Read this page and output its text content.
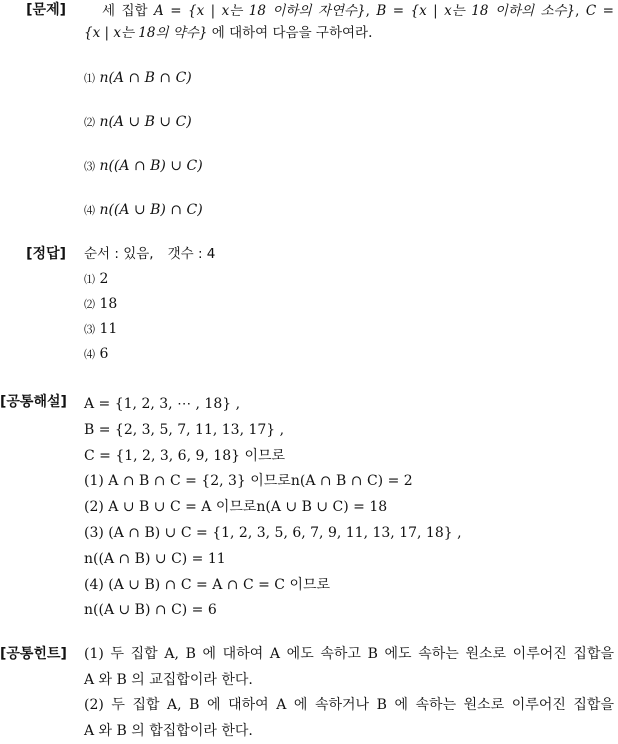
[문제]	세 집합 A = {x | x는 18 이하의 자연수}, B = {x | x는 18 이하의 소수}, C =
{x | x는 18의 약수} 에 대하여 다음을 구하여라.
⑴ n(A ∩ B ∩ C)
⑵ n(A ∪ B ∪ C)
⑶ n((A ∩ B) ∪ C)
⑷ n((A ∪ B) ∩ C)
[정답] 순서 : 있음, 갯수 : 4
⑴ 2
⑵ 18
⑶ 11
⑷ 6
[공통해설] A = {1, 2, 3, ⋯ , 18} ,
B = {2, 3, 5, 7, 11, 13, 17} ,
C = {1, 2, 3, 6, 9, 18} 이므로
(1) A ∩ B ∩ C = {2, 3} 이므로n(A ∩ B ∩ C) = 2
(2) A ∪ B ∪ C = A 이므로n(A ∪ B ∪ C) = 18
(3) (A ∩ B) ∪ C = {1, 2, 3, 5, 6, 7, 9, 11, 13, 17, 18} ,
n((A ∩ B) ∪ C) = 11
(4) (A ∪ B) ∩ C = A ∩ C = C 이므로
n((A ∪ B) ∩ C) = 6
[공통힌트] (1) 두 집합 A, B 에 대하여 A 에도 속하고 B 에도 속하는 원소로 이루어진 집합을
A 와 B 의 교집합이라 한다.
(2) 두 집합 A, B 에 대하여 A 에 속하거나 B 에 속하는 원소로 이루어진 집합을
A 와 B 의 합집합이라 한다.
